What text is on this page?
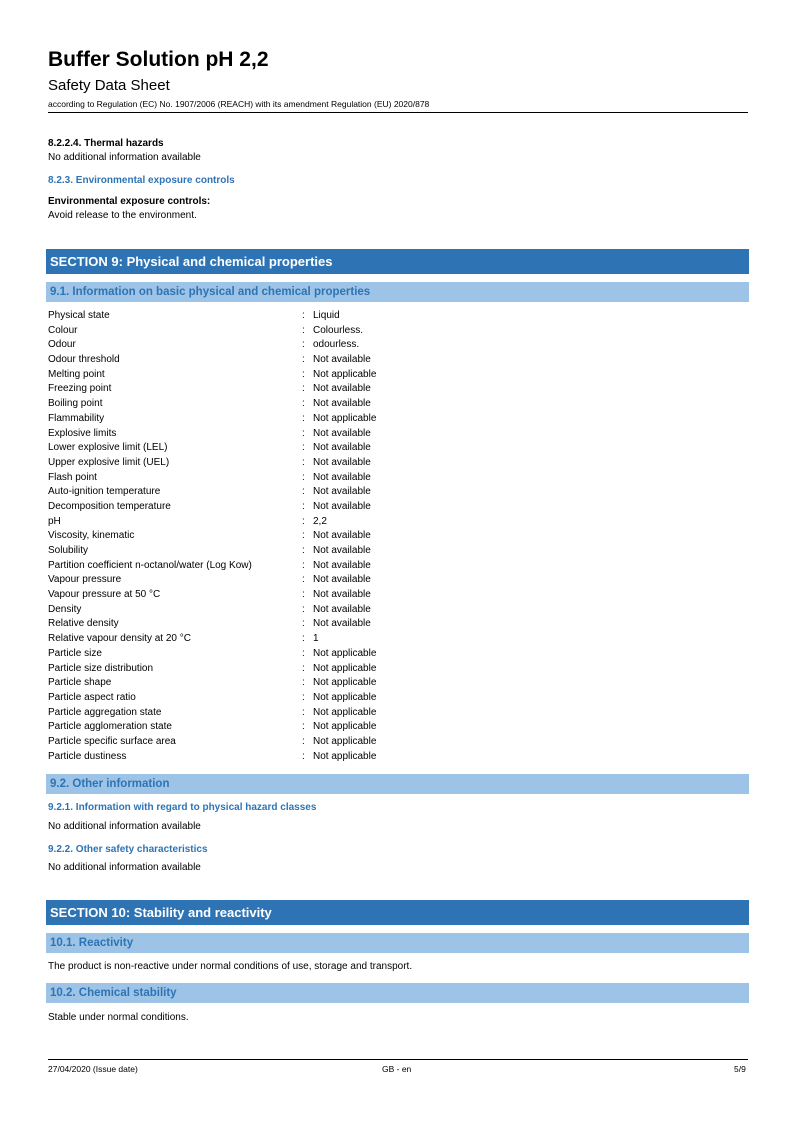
Buffer Solution pH 2,2
Safety Data Sheet
according to Regulation (EC) No. 1907/2006 (REACH) with its amendment Regulation (EU) 2020/878
8.2.2.4. Thermal hazards
No additional information available
8.2.3. Environmental exposure controls
Environmental exposure controls:
Avoid release to the environment.
SECTION 9: Physical and chemical properties
9.1. Information on basic physical and chemical properties
Physical state	: Liquid
Colour	: Colourless.
Odour	: odourless.
Odour threshold	: Not available
Melting point	: Not applicable
Freezing point	: Not available
Boiling point	: Not available
Flammability	: Not applicable
Explosive limits	: Not available
Lower explosive limit (LEL)	: Not available
Upper explosive limit (UEL)	: Not available
Flash point	: Not available
Auto-ignition temperature	: Not available
Decomposition temperature	: Not available
pH	: 2,2
Viscosity, kinematic	: Not available
Solubility	: Not available
Partition coefficient n-octanol/water (Log Kow)	: Not available
Vapour pressure	: Not available
Vapour pressure at 50 °C	: Not available
Density	: Not available
Relative density	: Not available
Relative vapour density at 20 °C	: 1
Particle size	: Not applicable
Particle size distribution	: Not applicable
Particle shape	: Not applicable
Particle aspect ratio	: Not applicable
Particle aggregation state	: Not applicable
Particle agglomeration state	: Not applicable
Particle specific surface area	: Not applicable
Particle dustiness	: Not applicable
9.2. Other information
9.2.1. Information with regard to physical hazard classes
No additional information available
9.2.2. Other safety characteristics
No additional information available
SECTION 10: Stability and reactivity
10.1. Reactivity
The product is non-reactive under normal conditions of use, storage and transport.
10.2. Chemical stability
Stable under normal conditions.
27/04/2020 (Issue date)	GB - en	5/9
